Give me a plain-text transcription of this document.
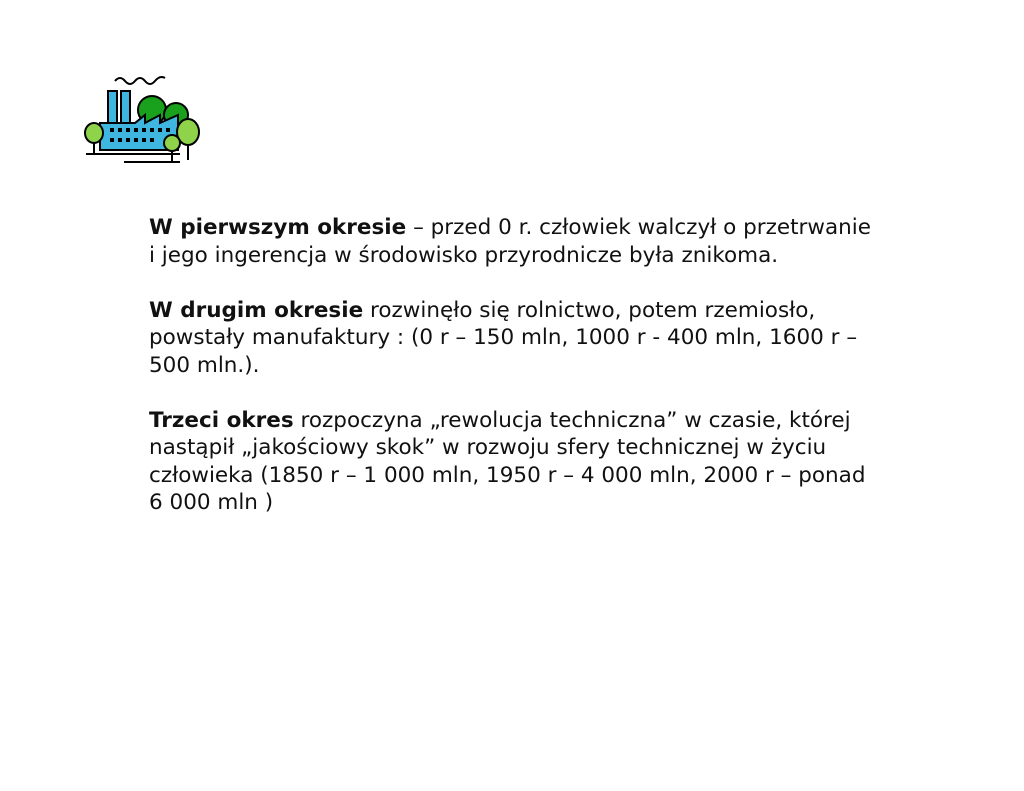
W pierwszym okresie – przed 0 r. człowiek walczył o przetrwanie i jego ingerencja w środowisko przyrodnicze była znikoma.

W drugim okresie rozwinęło się rolnictwo, potem rzemiosło, powstały manufaktury : (0 r – 150 mln, 1000 r - 400 mln, 1600 r – 500 mln.).

Trzeci okres rozpoczyna „rewolucja techniczna” w czasie, której nastąpił „jakościowy skok” w rozwoju sfery technicznej w życiu człowieka (1850 r – 1 000 mln, 1950 r – 4 000 mln, 2000 r – ponad 6 000 mln )
